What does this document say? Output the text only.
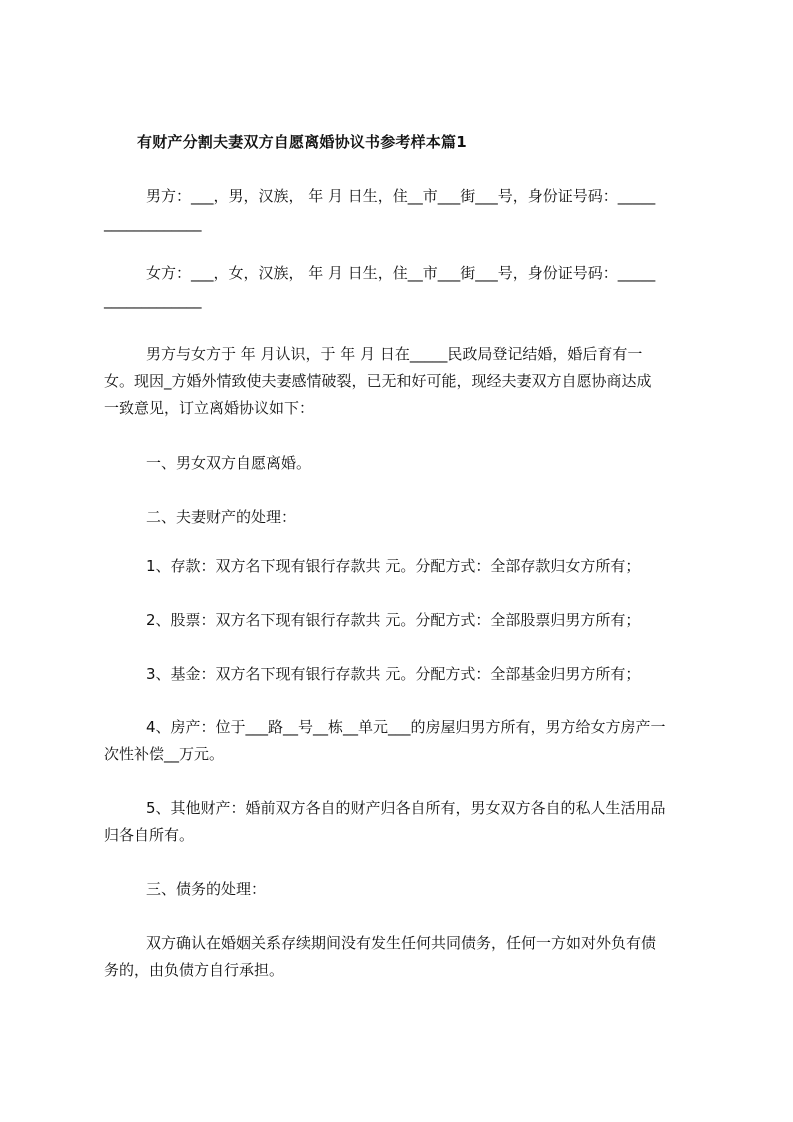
有财产分割夫妻双方自愿离婚协议书参考样本篇1
男方：___，男，汉族， 年 月 日生，住__市___街___号，身份证号码：_____
_____________
女方：___，女，汉族， 年 月 日生，住__市___街___号，身份证号码：_____
_____________
男方与女方于 年 月认识，于 年 月 日在_____民政局登记结婚，婚后育有一
女。现因_方婚外情致使夫妻感情破裂，已无和好可能，现经夫妻双方自愿协商达成
一致意见，订立离婚协议如下：
一、男女双方自愿离婚。
二、夫妻财产的处理：
1、存款：双方名下现有银行存款共 元。分配方式：全部存款归女方所有；
2、股票：双方名下现有银行存款共 元。分配方式：全部股票归男方所有；
3、基金：双方名下现有银行存款共 元。分配方式：全部基金归男方所有；
4、房产：位于___路__号__栋__单元___的房屋归男方所有，男方给女方房产一
次性补偿__万元。
5、其他财产：婚前双方各自的财产归各自所有，男女双方各自的私人生活用品
归各自所有。
三、债务的处理：
双方确认在婚姻关系存续期间没有发生任何共同债务，任何一方如对外负有债
务的，由负债方自行承担。
